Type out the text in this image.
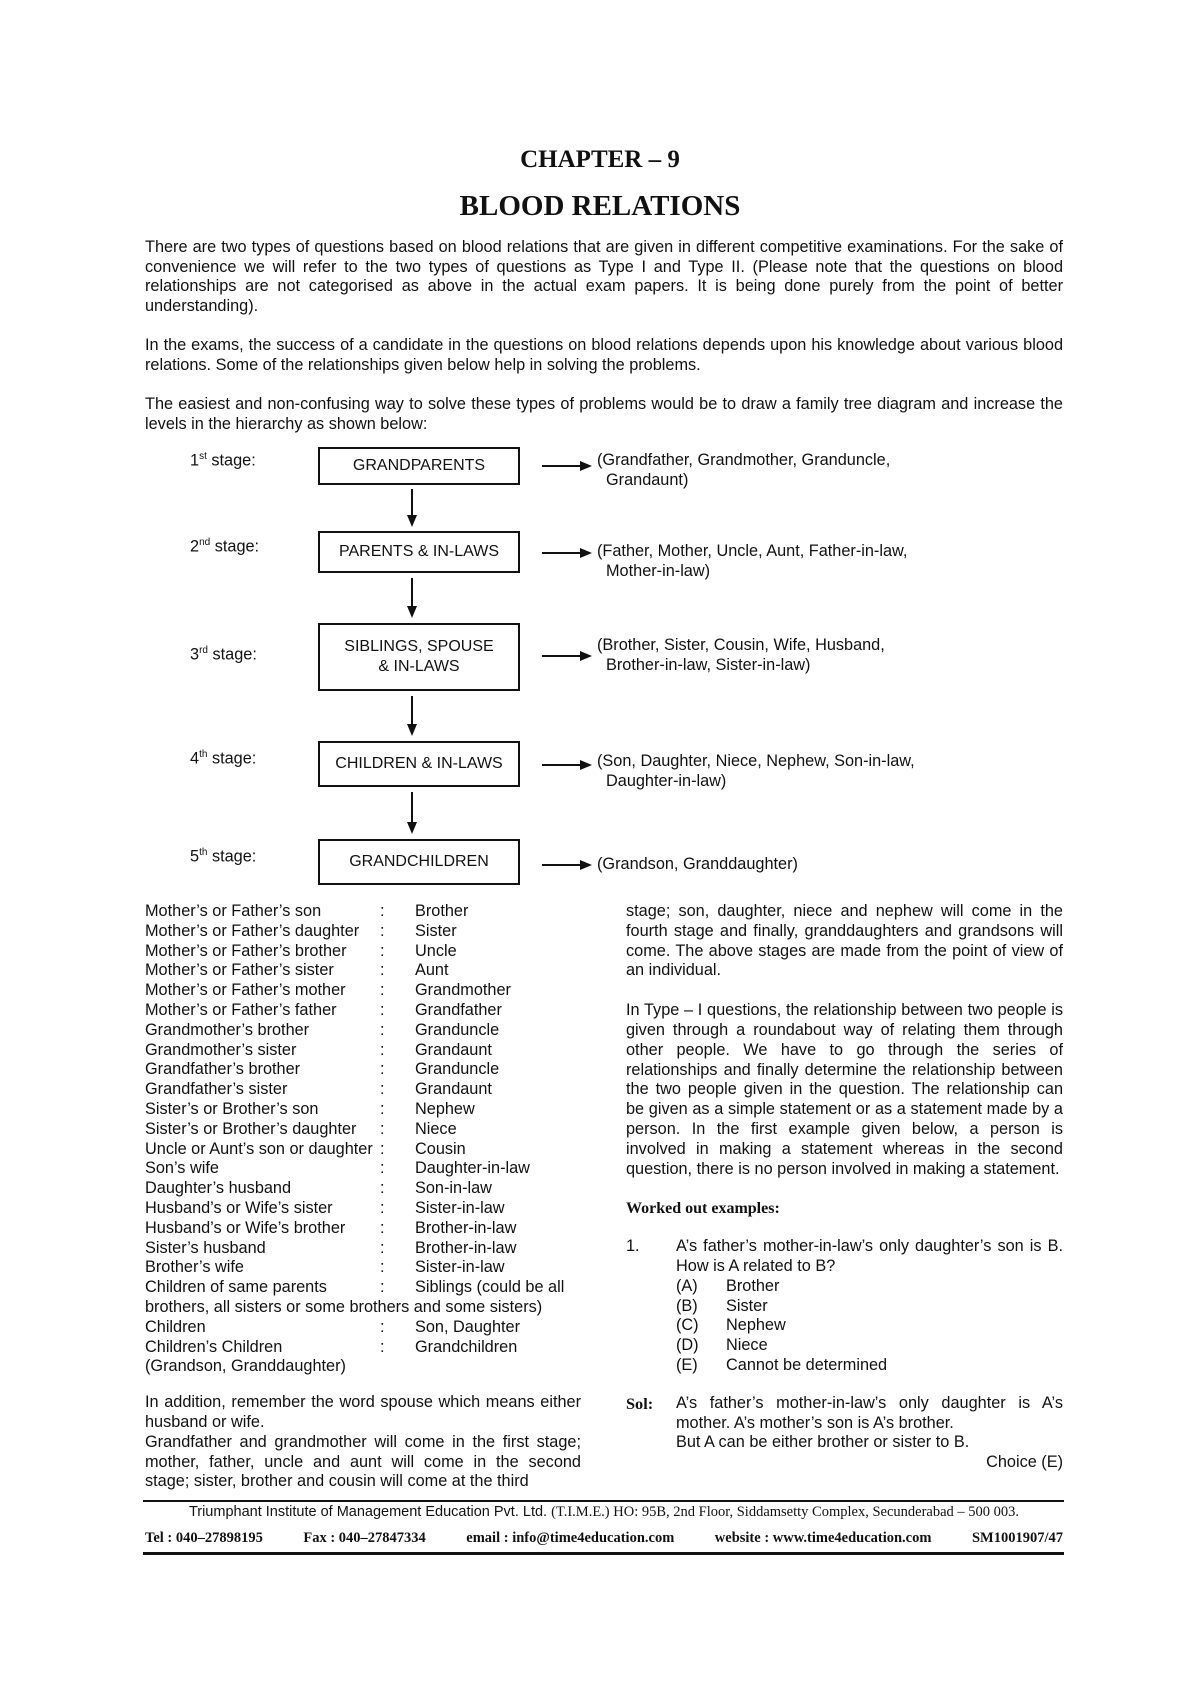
CHAPTER – 9
BLOOD RELATIONS

There are two types of questions based on blood relations that are given in different competitive examinations. For the sake of convenience we will refer to the two types of questions as Type I and Type II. (Please note that the questions on blood relationships are not categorised as above in the actual exam papers. It is being done purely from the point of better understanding).

In the exams, the success of a candidate in the questions on blood relations depends upon his knowledge about various blood relations. Some of the relationships given below help in solving the problems.

The easiest and non-confusing way to solve these types of problems would be to draw a family tree diagram and increase the levels in the hierarchy as shown below:

1st stage:	GRANDPARENTS	(Grandfather, Grandmother, Granduncle,
Grandaunt)
2nd stage:	PARENTS & IN-LAWS	(Father, Mother, Uncle, Aunt, Father-in-law,
Mother-in-law)
3rd stage:	SIBLINGS, SPOUSE
& IN-LAWS
(Brother, Sister, Cousin, Wife, Husband,
Brother-in-law, Sister-in-law)
4th stage:	CHILDREN & IN-LAWS	(Son, Daughter, Niece, Nephew, Son-in-law,
Daughter-in-law)
5th stage:	GRANDCHILDREN	(Grandson, Granddaughter)
Mother’s or Father’s son	:	Brother
Mother’s or Father’s daughter	:	Sister
Mother’s or Father’s brother	:	Uncle
Mother’s or Father’s sister	:	Aunt
Mother’s or Father’s mother	:	Grandmother
Mother’s or Father’s father	:	Grandfather
Grandmother’s brother	:	Granduncle
Grandmother’s sister	:	Grandaunt
Grandfather’s brother	:	Granduncle
Grandfather’s sister	:	Grandaunt
Sister’s or Brother’s son	:	Nephew
Sister’s or Brother’s daughter	:	Niece
Uncle or Aunt’s son or daughter	:	Cousin
Son’s wife	:	Daughter-in-law
Daughter’s husband	:	Son-in-law
Husband’s or Wife’s sister	:	Sister-in-law
Husband’s or Wife’s brother	:	Brother-in-law
Sister’s husband	:	Brother-in-law
Brother’s wife	:	Sister-in-law
Children of same parents	:	Siblings (could be all
brothers, all sisters or some brothers and some sisters)
Children	:	Son, Daughter
Children’s Children	:	Grandchildren
(Grandson, Granddaughter)

In addition, remember the word spouse which means either husband or wife.

Grandfather and grandmother will come in the first stage; mother, father, uncle and aunt will come in the second stage; sister, brother and cousin will come at the third

stage; son, daughter, niece and nephew will come in the fourth stage and finally, granddaughters and grandsons will come. The above stages are made from the point of view of an individual.

In Type – I questions, the relationship between two people is given through a roundabout way of relating them through other people. We have to go through the series of relationships and finally determine the relationship between the two people given in the question. The relationship can be given as a simple statement or as a statement made by a person. In the first example given below, a person is involved in making a statement whereas in the second question, there is no person involved in making a statement.

Worked out examples:
1.	A’s father’s mother-in-law’s only daughter’s son is B. How is A related to B?
(A)	Brother
(B)	Sister
(C)	Nephew
(D)	Niece
(E)	Cannot be determined
Sol:	A’s father’s mother-in-law’s only daughter is A’s mother. A’s mother’s son is A’s brother.
But A can be either brother or sister to B.
Choice (E)
Triumphant Institute of Management Education Pvt. Ltd. (T.I.M.E.) HO: 95B, 2nd Floor, Siddamsetty Complex, Secunderabad – 500 003.
Tel : 040–27898195	Fax : 040–27847334	email : info@time4education.com	website : www.time4education.com	SM1001907/47
